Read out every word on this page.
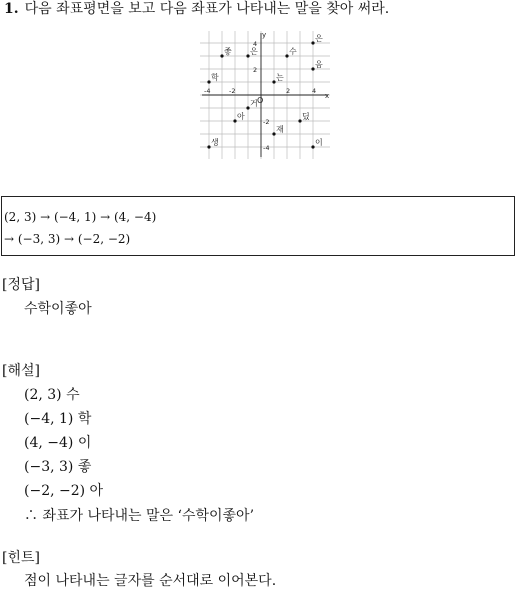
1. 다음 좌표평면을 보고 다음 좌표가 나타내는 말을 찾아 써라.
O	x
y
-4	-2	2	4
2
-2
-4
4
좋 은	수
은
학	는
음
거
아	딨
재
생	이
(2, 3) → (−4, 1) → (4, −4)
→ (−3, 3) → (−2, −2)
[정답]
수학이좋아
[해설]
(2, 3) 수
(−4, 1) 학
(4, −4) 이
(−3, 3) 좋
(−2, −2) 아
∴ 좌표가 나타내는 말은 ‘수학이좋아’
[힌트]
점이 나타내는 글자를 순서대로 이어본다.
